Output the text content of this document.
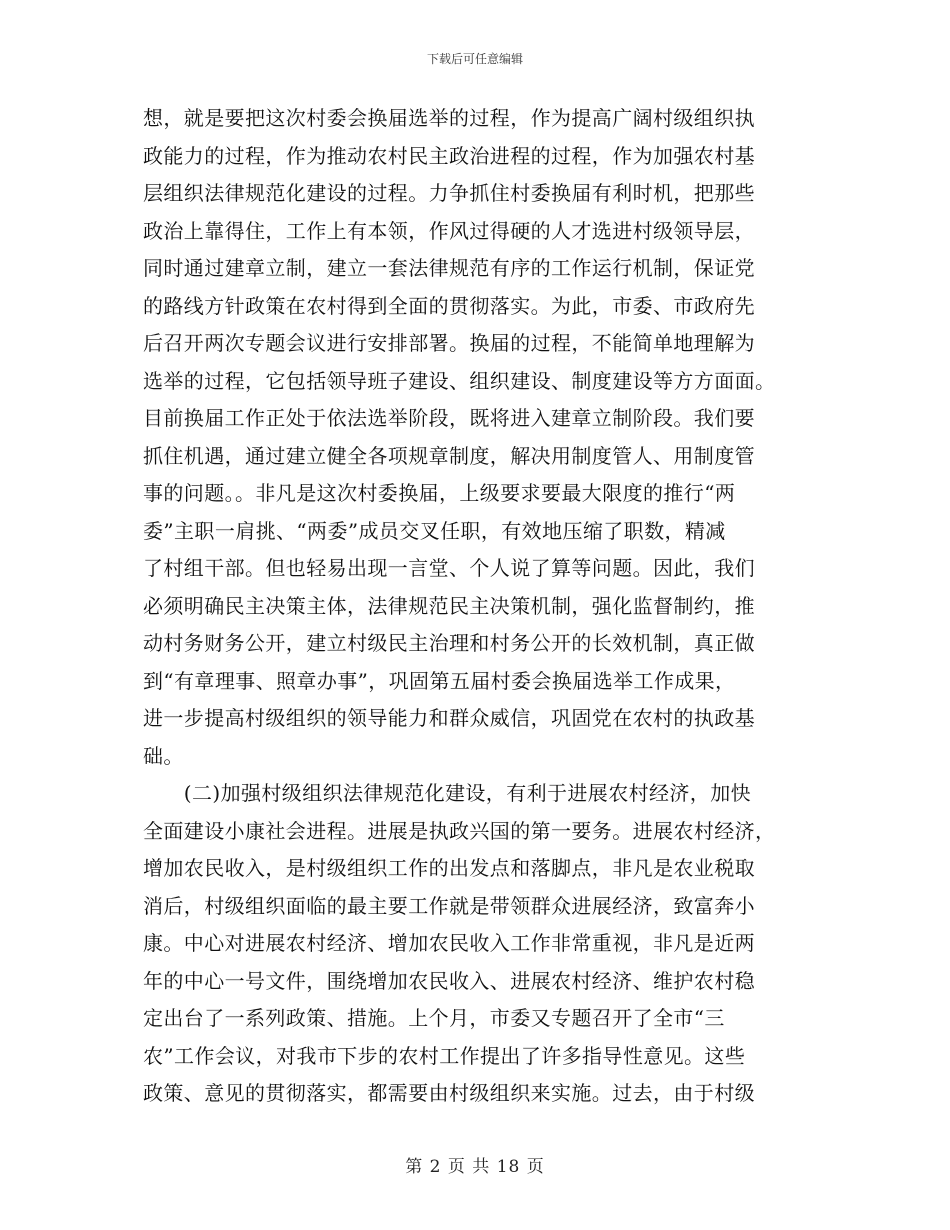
下载后可任意编辑
想，就是要把这次村委会换届选举的过程，作为提高广阔村级组织执
政能力的过程，作为推动农村民主政治进程的过程，作为加强农村基
层组织法律规范化建设的过程。力争抓住村委换届有利时机，把那些
政治上靠得住，工作上有本领，作风过得硬的人才选进村级领导层，
同时通过建章立制，建立一套法律规范有序的工作运行机制，保证党
的路线方针政策在农村得到全面的贯彻落实。为此，市委、市政府先
后召开两次专题会议进行安排部署。换届的过程，不能简单地理解为
选举的过程，它包括领导班子建设、组织建设、制度建设等方方面面。
目前换届工作正处于依法选举阶段，既将进入建章立制阶段。我们要
抓住机遇，通过建立健全各项规章制度，解决用制度管人、用制度管
事的问题。。非凡是这次村委换届，上级要求要最大限度的推行“两
委”主职一肩挑、“两委”成员交叉任职，有效地压缩了职数，精减
了村组干部。但也轻易出现一言堂、个人说了算等问题。因此，我们
必须明确民主决策主体，法律规范民主决策机制，强化监督制约，推
动村务财务公开，建立村级民主治理和村务公开的长效机制，真正做
到“有章理事、照章办事”，巩固第五届村委会换届选举工作成果，
进一步提高村级组织的领导能力和群众威信，巩固党在农村的执政基
础。
　　(二)加强村级组织法律规范化建设，有利于进展农村经济，加快
全面建设小康社会进程。进展是执政兴国的第一要务。进展农村经济，
增加农民收入，是村级组织工作的出发点和落脚点，非凡是农业税取
消后，村级组织面临的最主要工作就是带领群众进展经济，致富奔小
康。中心对进展农村经济、增加农民收入工作非常重视，非凡是近两
年的中心一号文件，围绕增加农民收入、进展农村经济、维护农村稳
定出台了一系列政策、措施。上个月，市委又专题召开了全市“三
农”工作会议，对我市下步的农村工作提出了许多指导性意见。这些
政策、意见的贯彻落实，都需要由村级组织来实施。过去，由于村级
第 2 页 共 18 页
